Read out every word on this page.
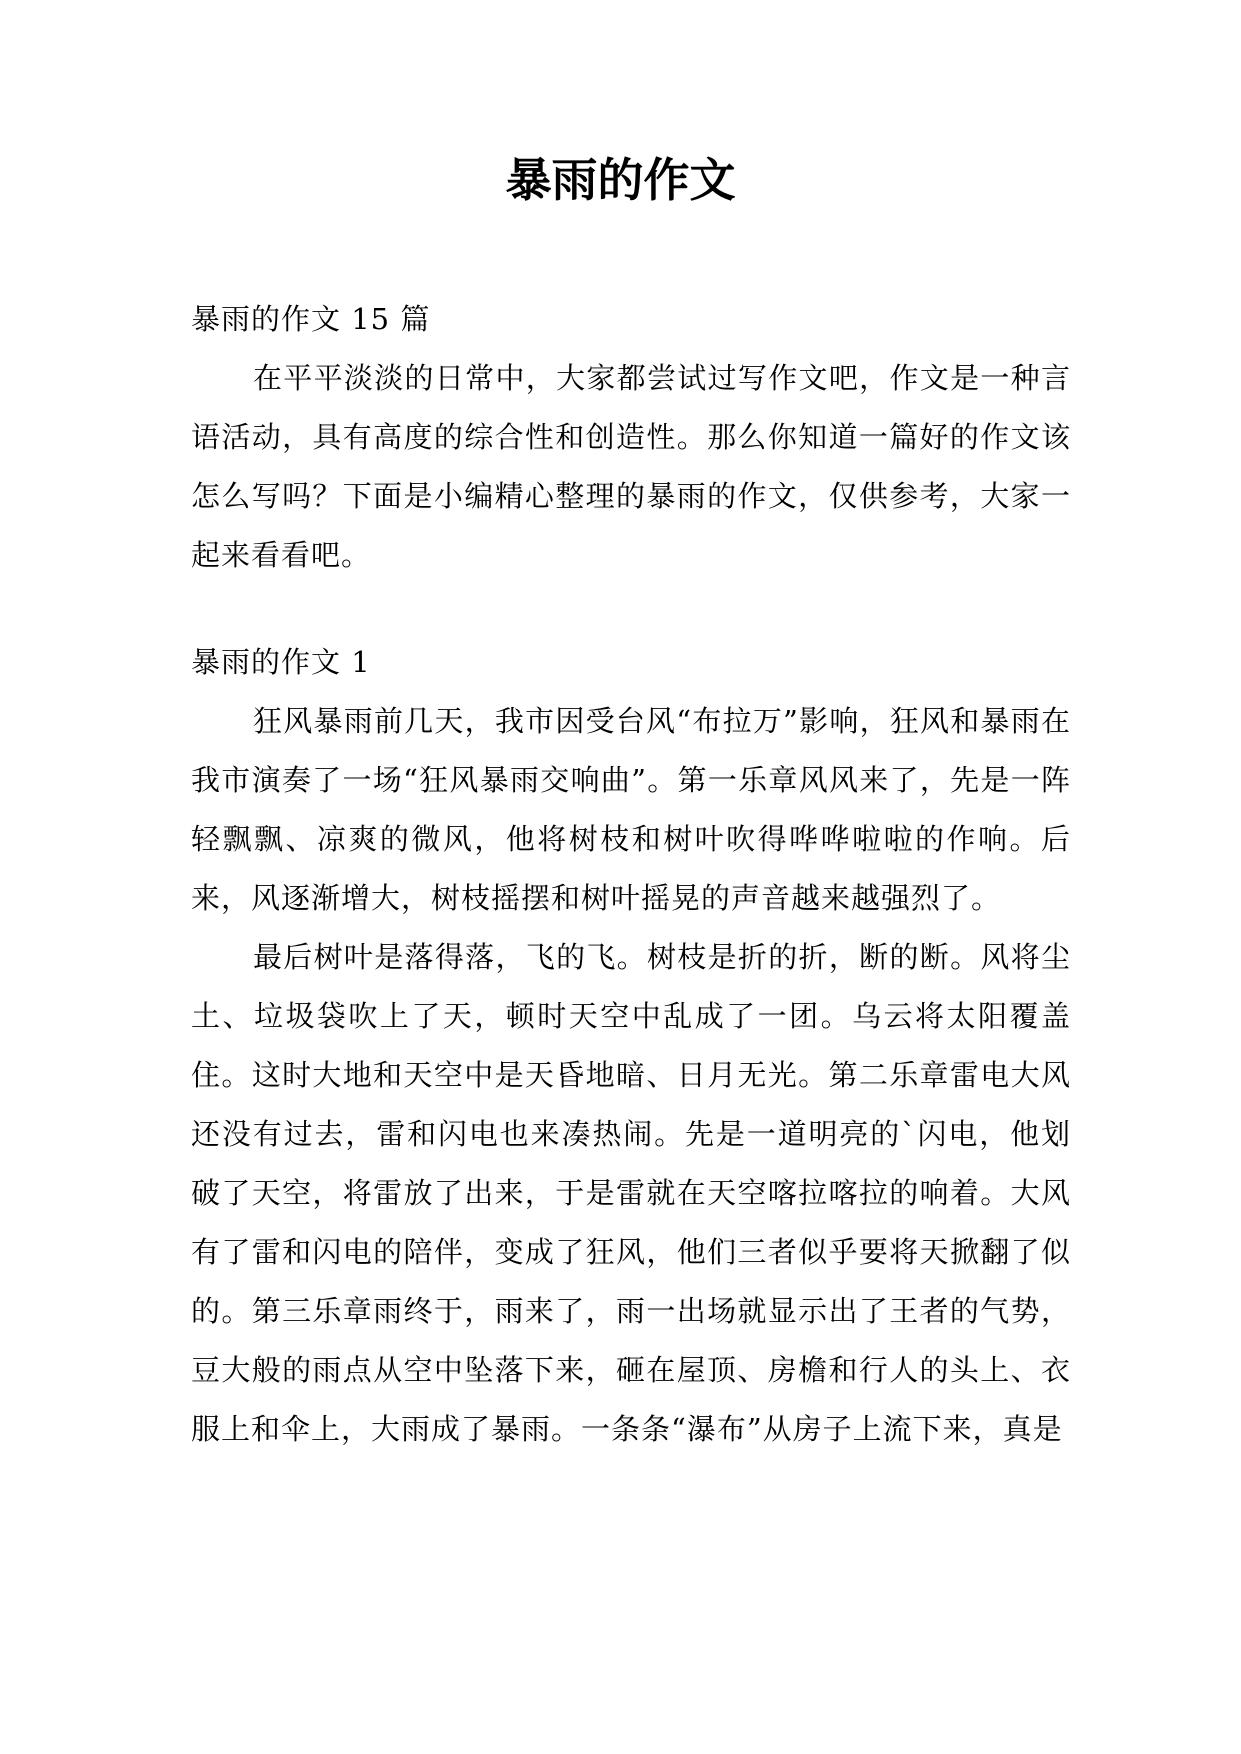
暴雨的作文

暴雨的作文 15 篇

在平平淡淡的日常中，大家都尝试过写作文吧，作文是一种言语活动，具有高度的综合性和创造性。那么你知道一篇好的作文该怎么写吗？下面是小编精心整理的暴雨的作文，仅供参考，大家一起来看看吧。

暴雨的作文 1

狂风暴雨前几天，我市因受台风“布拉万”影响，狂风和暴雨在我市演奏了一场“狂风暴雨交响曲”。第一乐章风风来了，先是一阵轻飘飘、凉爽的微风，他将树枝和树叶吹得哗哗啦啦的作响。后来，风逐渐增大，树枝摇摆和树叶摇晃的声音越来越强烈了。

最后树叶是落得落，飞的飞。树枝是折的折，断的断。风将尘土、垃圾袋吹上了天，顿时天空中乱成了一团。乌云将太阳覆盖住。这时大地和天空中是天昏地暗、日月无光。第二乐章雷电大风还没有过去，雷和闪电也来凑热闹。先是一道明亮的`闪电，他划破了天空，将雷放了出来，于是雷就在天空喀拉喀拉的响着。大风有了雷和闪电的陪伴，变成了狂风，他们三者似乎要将天掀翻了似的。第三乐章雨终于，雨来了，雨一出场就显示出了王者的气势，豆大般的雨点从空中坠落下来，砸在屋顶、房檐和行人的头上、衣服上和伞上，大雨成了暴雨。一条条“瀑布”从房子上流下来，真是
